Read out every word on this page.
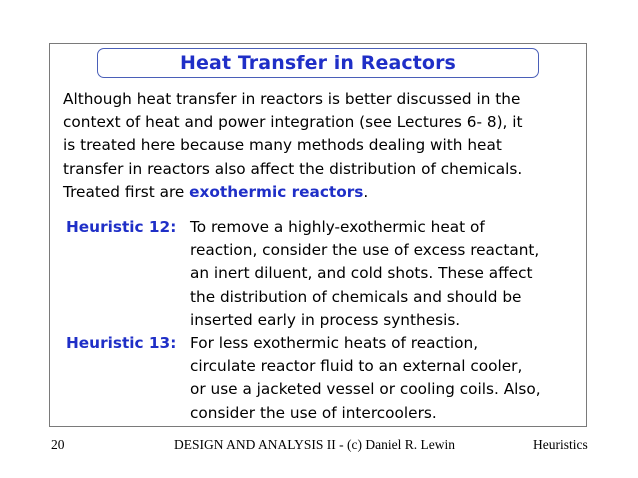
Heat Transfer in Reactors
Although heat transfer in reactors is better discussed in the
context of heat and power integration (see Lectures 6- 8), it
is treated here because many methods dealing with heat
transfer in reactors also affect the distribution of chemicals.
Treated first are exothermic reactors.
Heuristic 12: To remove a highly-exothermic heat of
reaction, consider the use of excess reactant,
an inert diluent, and cold shots. These affect
the distribution of chemicals and should be
inserted early in process synthesis.
Heuristic 13: For less exothermic heats of reaction,
circulate reactor fluid to an external cooler,
or use a jacketed vessel or cooling coils. Also,
consider the use of intercoolers.
20	DESIGN AND ANALYSIS II - (c) Daniel R. Lewin	Heuristics
